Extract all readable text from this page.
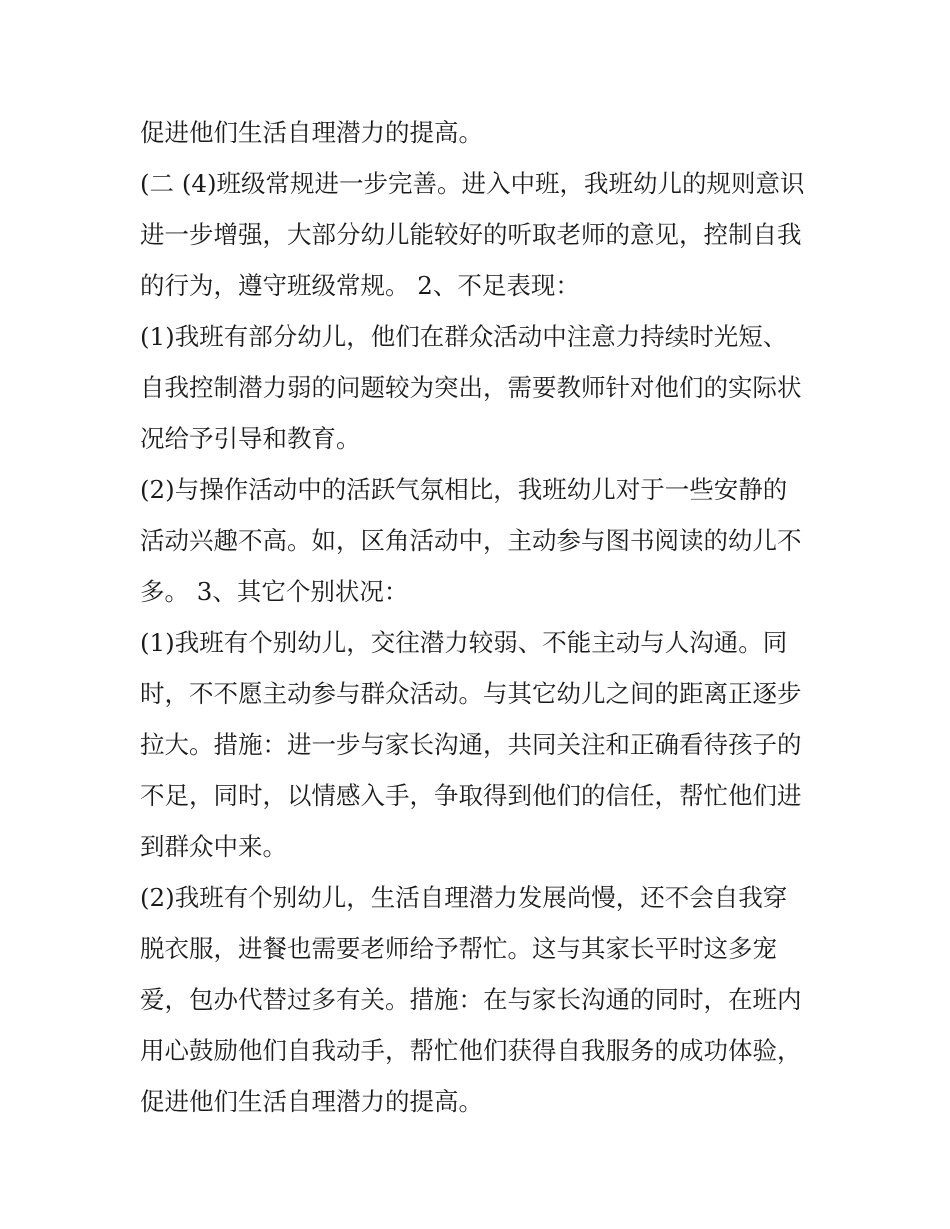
促进他们生活自理潜力的提高。
(二 (4)班级常规进一步完善。进入中班，我班幼儿的规则意识
进一步增强，大部分幼儿能较好的听取老师的意见，控制自我
的行为，遵守班级常规。 2、不足表现：
(1)我班有部分幼儿，他们在群众活动中注意力持续时光短、
自我控制潜力弱的问题较为突出，需要教师针对他们的实际状
况给予引导和教育。
(2)与操作活动中的活跃气氛相比，我班幼儿对于一些安静的
活动兴趣不高。如，区角活动中，主动参与图书阅读的幼儿不
多。 3、其它个别状况：
(1)我班有个别幼儿，交往潜力较弱、不能主动与人沟通。同
时，不不愿主动参与群众活动。与其它幼儿之间的距离正逐步
拉大。措施：进一步与家长沟通，共同关注和正确看待孩子的
不足，同时，以情感入手，争取得到他们的信任，帮忙他们进
到群众中来。
(2)我班有个别幼儿，生活自理潜力发展尚慢，还不会自我穿
脱衣服，进餐也需要老师给予帮忙。这与其家长平时这多宠
爱，包办代替过多有关。措施：在与家长沟通的同时，在班内
用心鼓励他们自我动手，帮忙他们获得自我服务的成功体验，
促进他们生活自理潜力的提高。
